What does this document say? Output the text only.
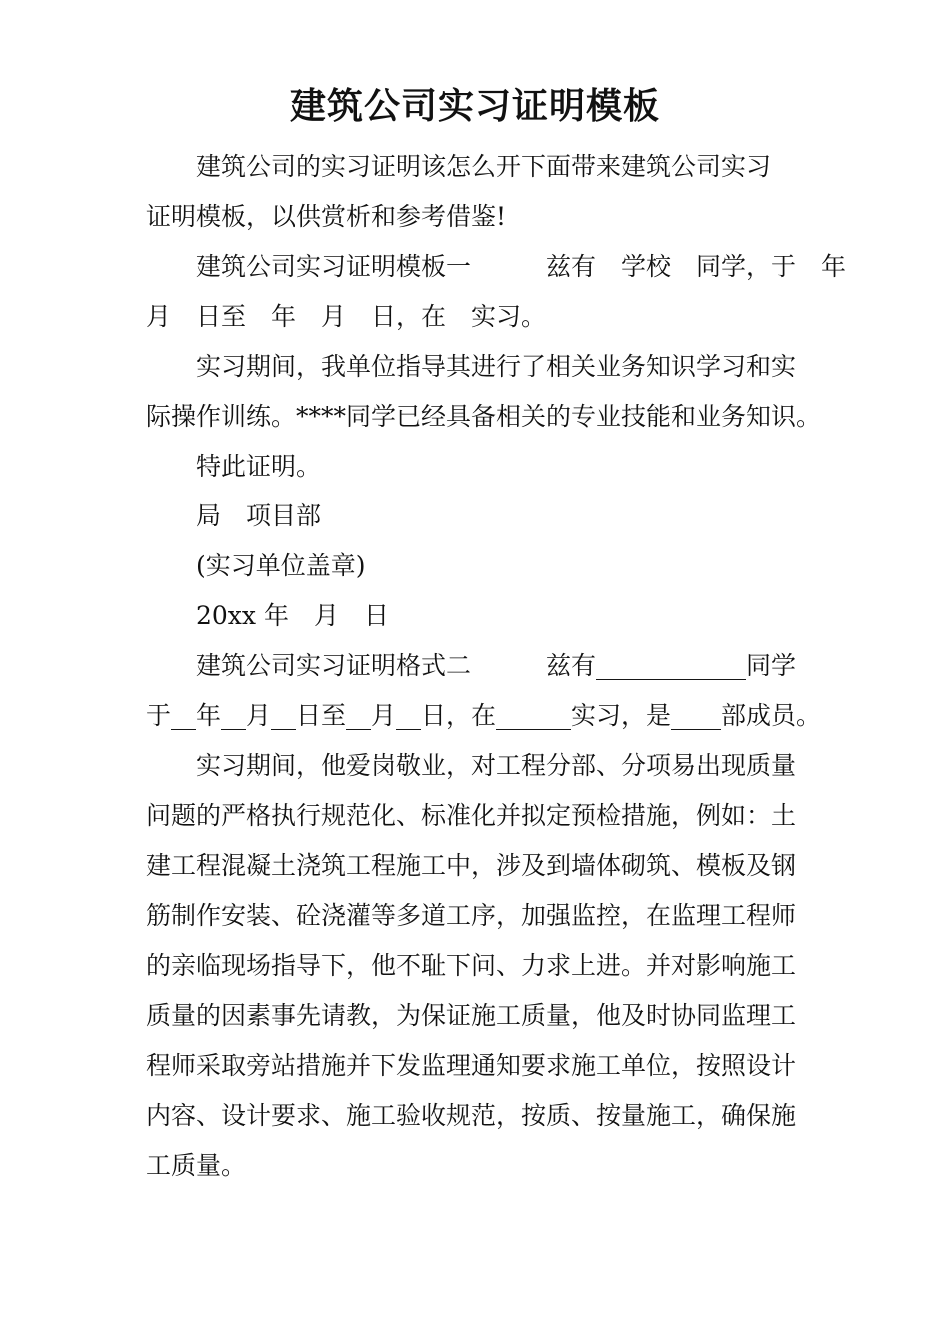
建筑公司实习证明模板
建筑公司的实习证明该怎么开下面带来建筑公司实习
证明模板，以供赏析和参考借鉴!
建筑公司实习证明模板一　　　兹有　学校　同学，于　年
月　日至　年　月　日，在　实习。
实习期间，我单位指导其进行了相关业务知识学习和实
际操作训练。****同学已经具备相关的专业技能和业务知识。
特此证明。
局　项目部
(实习单位盖章)
20xx 年　月　日
建筑公司实习证明格式二　　　兹有____________同学
于__年__月__日至__月__日，在______实习，是____部成员。
实习期间，他爱岗敬业，对工程分部、分项易出现质量
问题的严格执行规范化、标准化并拟定预检措施，例如：土
建工程混凝土浇筑工程施工中，涉及到墙体砌筑、模板及钢
筋制作安装、砼浇灌等多道工序，加强监控，在监理工程师
的亲临现场指导下，他不耻下问、力求上进。并对影响施工
质量的因素事先请教，为保证施工质量，他及时协同监理工
程师采取旁站措施并下发监理通知要求施工单位，按照设计
内容、设计要求、施工验收规范，按质、按量施工，确保施
工质量。
